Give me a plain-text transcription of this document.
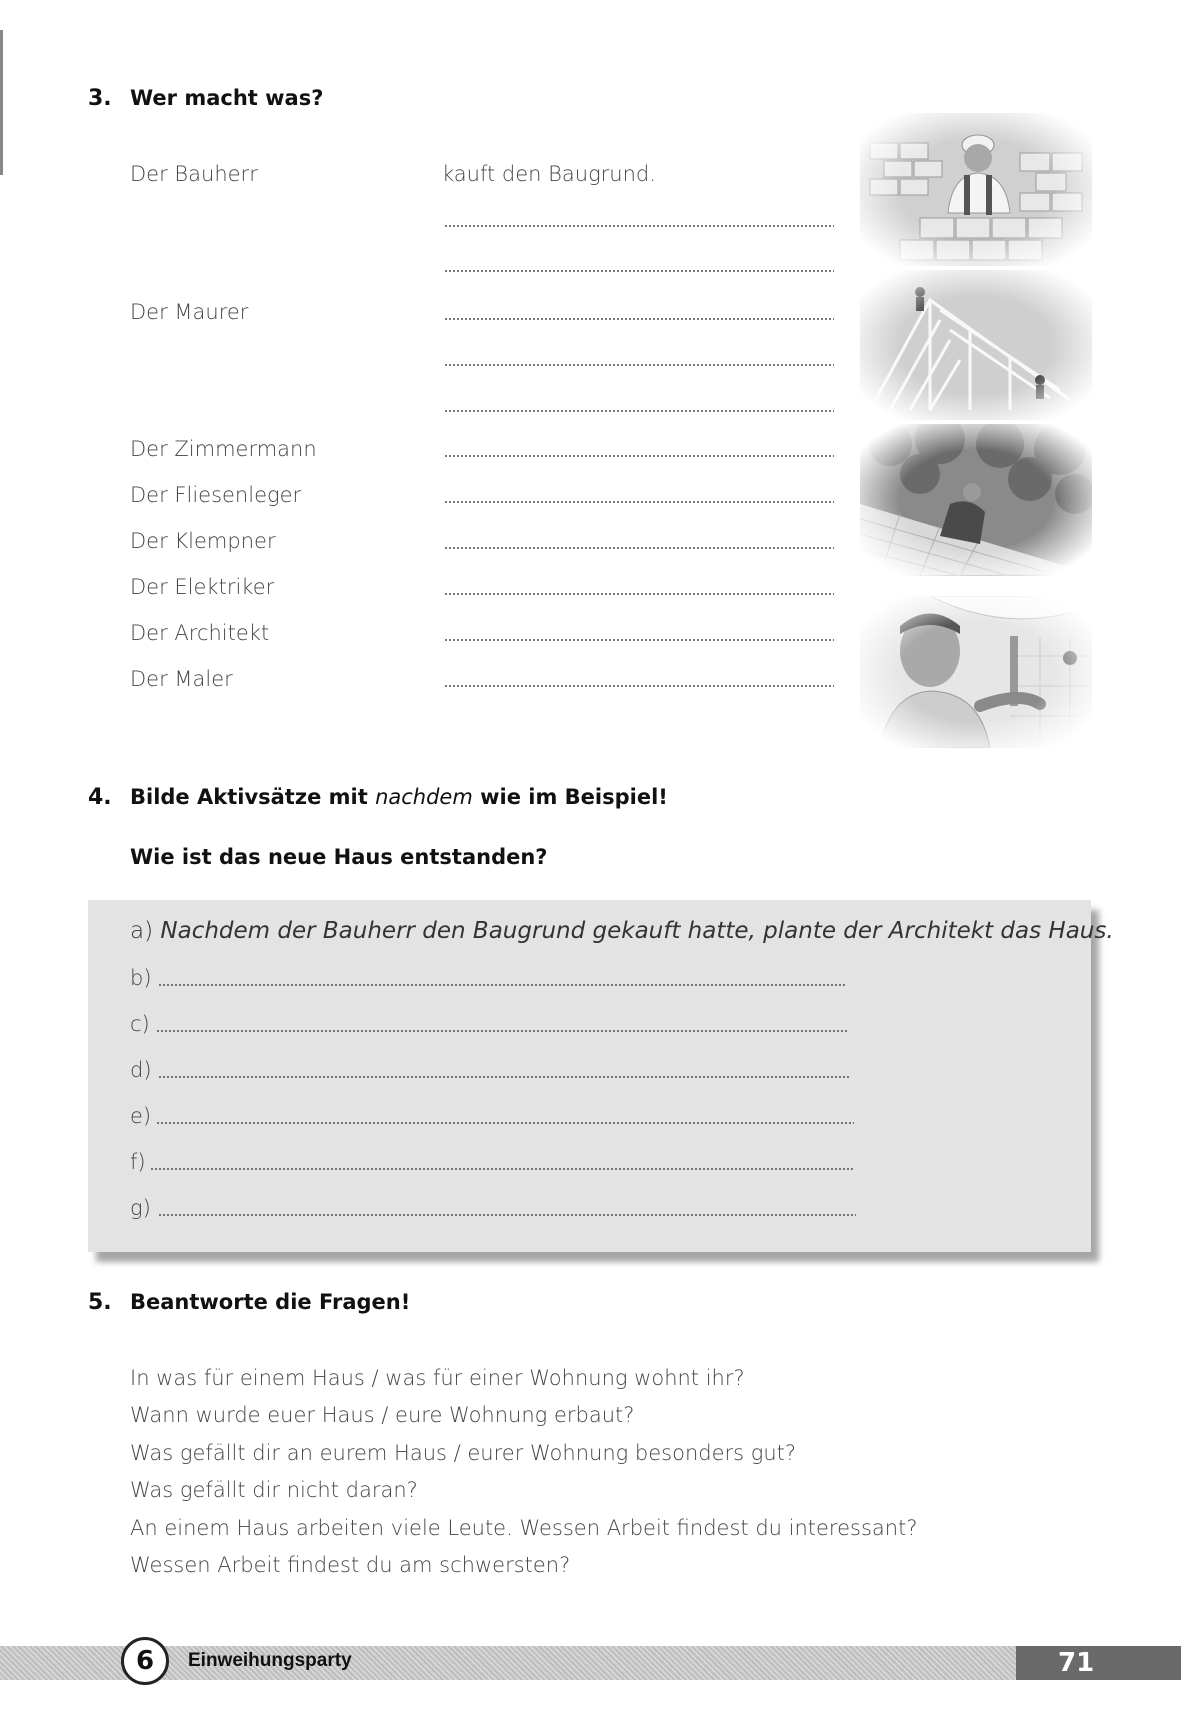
3. Wer macht was?
Der Bauherr	kauft den Baugrund.
Der Maurer
Der Zimmermann
Der Fliesenleger
Der Klempner
Der Elektriker
Der Architekt
Der Maler
4. Bilde Aktivsätze mit nachdem wie im Beispiel!
Wie ist das neue Haus entstanden?
a) Nachdem der Bauherr den Baugrund gekauft hatte, plante der Architekt das Haus.
b)
c)
d)
e)
f)
g)
5. Beantworte die Fragen!
In was für einem Haus / was für einer Wohnung wohnt ihr?
Wann wurde euer Haus / eure Wohnung erbaut?
Was gefällt dir an eurem Haus / eurer Wohnung besonders gut?
Was gefällt dir nicht daran?
An einem Haus arbeiten viele Leute. Wessen Arbeit findest du interessant?
Wessen Arbeit findest du am schwersten?
71
6 Einweihungsparty
